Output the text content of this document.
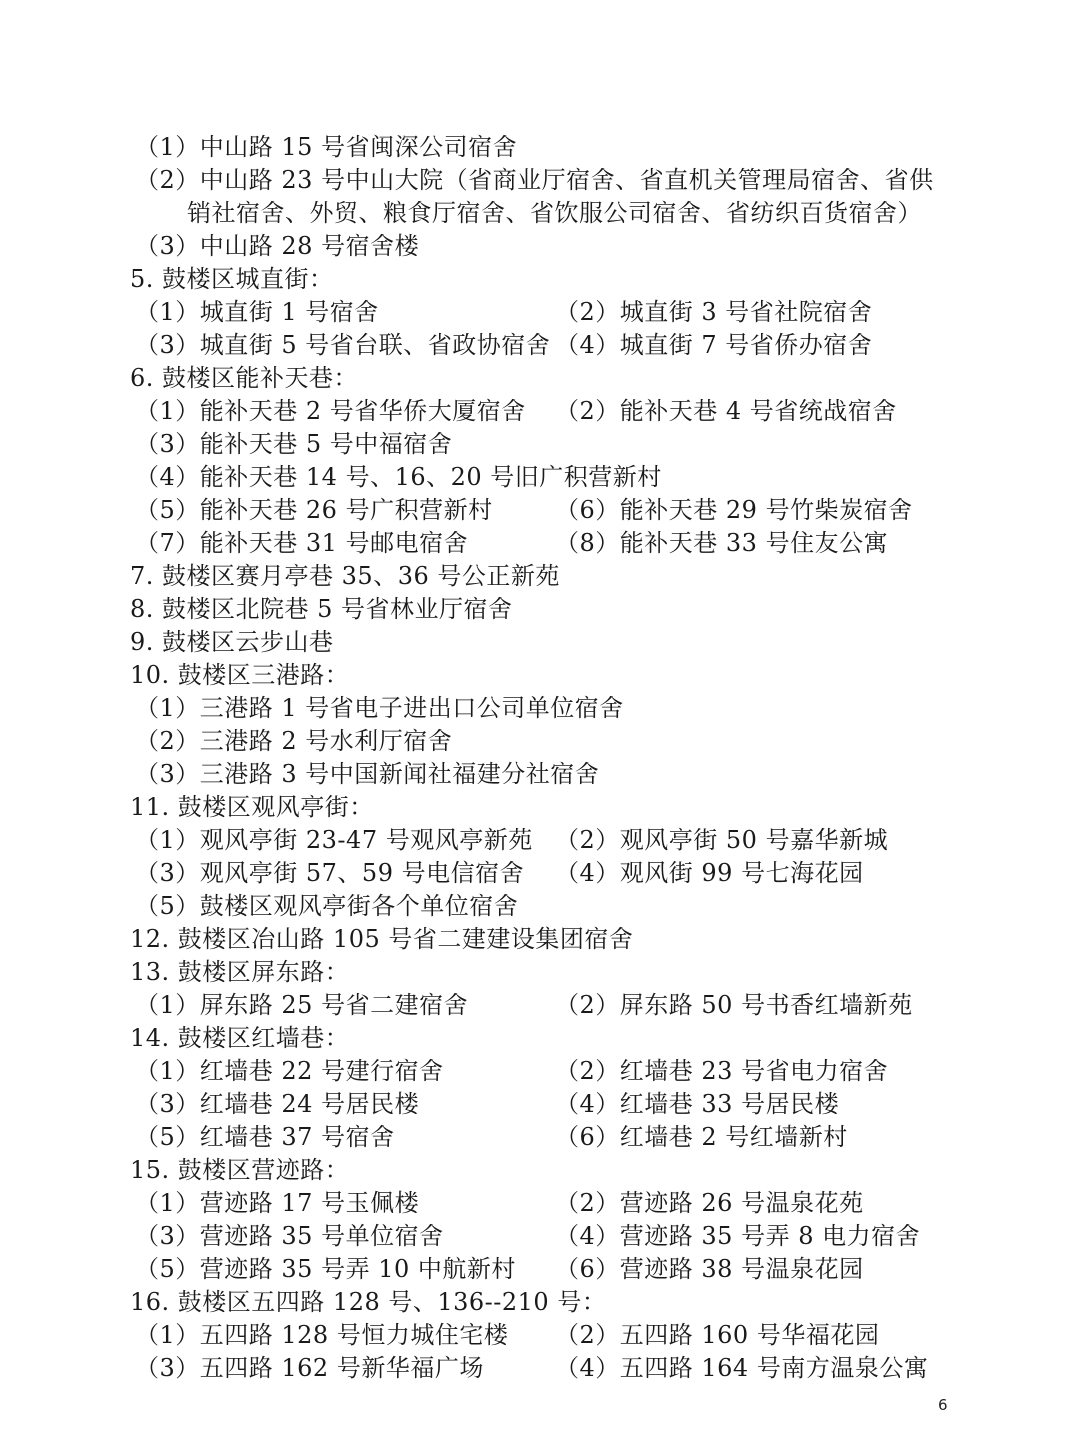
（1）中山路 15 号省闽深公司宿舍
（2）中山路 23 号中山大院（省商业厅宿舍、省直机关管理局宿舍、省供
销社宿舍、外贸、粮食厅宿舍、省饮服公司宿舍、省纺织百货宿舍）
（3）中山路 28 号宿舍楼
5. 鼓楼区城直街：
（1）城直街 1 号宿舍	（2）城直街 3 号省社院宿舍
（3）城直街 5 号省台联、省政协宿舍 （4）城直街 7 号省侨办宿舍
6. 鼓楼区能补天巷：
（1）能补天巷 2 号省华侨大厦宿舍 （2）能补天巷 4 号省统战宿舍
（3）能补天巷 5 号中福宿舍
（4）能补天巷 14 号、16、20 号旧广积营新村
（5）能补天巷 26 号广积营新村	（6）能补天巷 29 号竹柴炭宿舍
（7）能补天巷 31 号邮电宿舍	（8）能补天巷 33 号住友公寓
7. 鼓楼区赛月亭巷 35、36 号公正新苑
8. 鼓楼区北院巷 5 号省林业厅宿舍
9. 鼓楼区云步山巷
10. 鼓楼区三港路：
（1）三港路 1 号省电子进出口公司单位宿舍
（2）三港路 2 号水利厅宿舍
（3）三港路 3 号中国新闻社福建分社宿舍
11. 鼓楼区观风亭街：
（1）观风亭街 23-47 号观风亭新苑 （2）观风亭街 50 号嘉华新城
（3）观风亭街 57、59 号电信宿舍 （4）观风街 99 号七海花园
（5）鼓楼区观风亭街各个单位宿舍
12. 鼓楼区冶山路 105 号省二建建设集团宿舍
13. 鼓楼区屏东路：
（1）屏东路 25 号省二建宿舍	（2）屏东路 50 号书香红墙新苑
14. 鼓楼区红墙巷：
（1）红墙巷 22 号建行宿舍	（2）红墙巷 23 号省电力宿舍
（3）红墙巷 24 号居民楼	（4）红墙巷 33 号居民楼
（5）红墙巷 37 号宿舍	（6）红墙巷 2 号红墙新村
15. 鼓楼区营迹路：
（1）营迹路 17 号玉佩楼	（2）营迹路 26 号温泉花苑
（3）营迹路 35 号单位宿舍	（4）营迹路 35 号弄 8 电力宿舍
（5）营迹路 35 号弄 10 中航新村 （6）营迹路 38 号温泉花园
16. 鼓楼区五四路 128 号、136--210 号：
（1）五四路 128 号恒力城住宅楼 （2）五四路 160 号华福花园
（3）五四路 162 号新华福广场	（4）五四路 164 号南方温泉公寓
6
